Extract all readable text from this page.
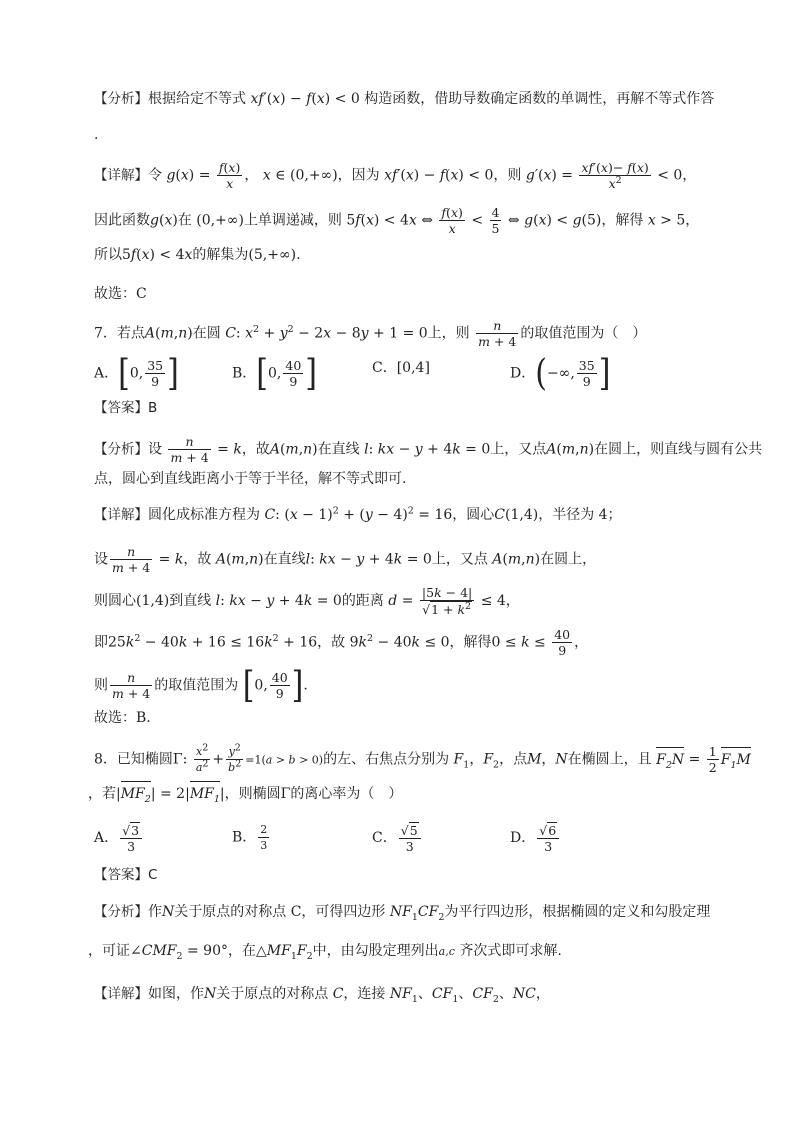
【分析】根据给定不等式 xf′(x) − f(x) < 0 构造函数，借助导数确定函数的单调性，再解不等式作答
.
【详解】令 $g(x) = \frac{f(x)}{x}$ ， x ∈ (0,+∞)，因为 xf′(x) − f(x) < 0，则 $g'(x) = \frac{xf'(x)- f(x)}{x^2} < 0$，
因此函数g(x)在 (0,+∞)上单调递减，则 5f(x) < 4x ⇔ $\frac{f(x)}{x} < \frac{4}{5}$ ⇔ g(x) < g(5)，解得 x > 5，
所以5f(x) < 4x的解集为(5,+∞).
故选：C
7．若点A(m,n)在圆 C: $x^2 + y^2 - 2x - 8y + 1 = 0$上，则 $\frac{n}{m + 4}$ 的取值范围为（　）
A．[0, $\frac{35}{9}$ ]	B．[0, $\frac{40}{9}$ ]	C．[0,4]	D．(−∞, $\frac{35}{9}$ ]
【答案】B
【分析】设 $\frac{n}{m + 4} = k$，故A(m,n)在直线 l: kx − y + 4k = 0上，又点A(m,n)在圆上，则直线与圆有公共
点，圆心到直线距离小于等于半径，解不等式即可.
【详解】圆化成标准方程为 C: $(x - 1)^2 + (y - 4)^2 = 16$，圆心C(1,4)，半径为 4；
设 $\frac{n}{m + 4} = k$，故 A(m,n)在直线l: kx − y + 4k = 0上，又点 A(m,n)在圆上，
则圆心(1,4)到直线 l: kx − y + 4k = 0的距离 $d = \frac{|5k - 4|}{√1 + k^2} \le 4$，
即$25k^2 - 40k + 16 \le 16k^2 + 16$，故 $9k^2 - 40k \le 0$，解得$0 \le k \le \frac{40}{9}$ ，
则 $\frac{n}{m + 4}$ 的取值范围为 [0, $\frac{40}{9}$ ].
故选：B.
8．已知椭圆Γ: $\frac{x^2}{a^2} + \frac{y^2}{b^2} =1(a > b > 0)$的左、右焦点分别为 $F_1$，$F_2$，点M，N在椭圆上，且 $F_2N = \frac{1}{2} F_1M$
，若$|MF_2| = 2|MF_1|$，则椭圆Γ的离心率为（　）
A． $\frac{√3}{3}$	B． $\frac{2}{3}$	C． $\frac{√5}{3}$	D． $\frac{√6}{3}$
【答案】C
【分析】作N关于原点的对称点 C，可得四边形 $NF_1CF_2$为平行四边形，根据椭圆的定义和勾股定理
，可证$\angle CMF_2 = 90^\circ$，在$\triangle MF_1F_2$中，由勾股定理列出a,c 齐次式即可求解.
【详解】如图，作N关于原点的对称点 C，连接 $NF_1$、$CF_1$、$CF_2$、NC，
